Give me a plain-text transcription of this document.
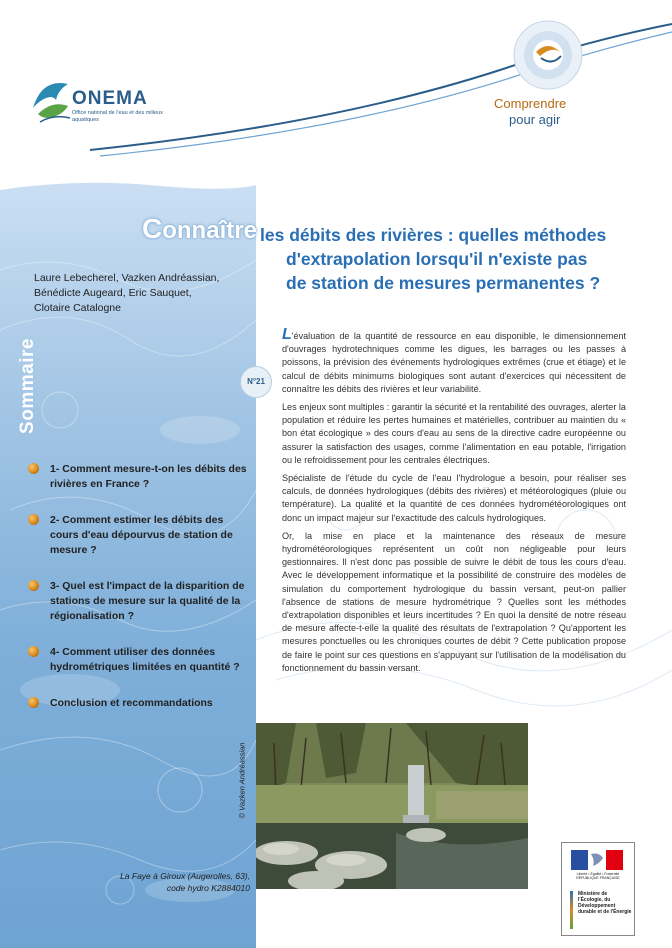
ONEMA
Office national de l'eau et des milieux aquatiques
Comprendre
pour agir
Laure Lebecherel, Vazken Andréassian,
Bénédicte Augeard, Eric Sauquet,
Clotaire Catalogne
Sommaire	N°21
1- Comment mesure-t-on les débits des rivières en France ?
2- Comment estimer les débits des cours d'eau dépourvus de station de mesure ?
3- Quel est l'impact de la disparition de stations de mesure sur la qualité de la régionalisation ?
4- Comment utiliser des données hydrométriques limitées en quantité ?
Conclusion et recommandations
© Vazken Andréassian
La Faye à Giroux (Augerolles, 63),
code hydro K2884010
Connaître les débits des rivières : quelles méthodes
d'extrapolation lorsqu'il n'existe pas
de station de mesures permanentes ?

L'évaluation de la quantité de ressource en eau disponible, le dimensionnement d'ouvrages hydrotechniques comme les digues, les barrages ou les passes à poissons, la prévision des événements hydrologiques extrêmes (crue et étiage) et le calcul de débits minimums biologiques sont autant d'exercices qui nécessitent de connaître les débits des rivières et leur variabilité.

Les enjeux sont multiples : garantir la sécurité et la rentabilité des ouvrages, alerter la population et réduire les pertes humaines et matérielles, contribuer au maintien du « bon état écologique » des cours d'eau au sens de la directive cadre européenne ou assurer la satisfaction des usages, comme l'alimentation en eau potable, l'irrigation ou le refroidissement pour les centrales électriques.

Spécialiste de l'étude du cycle de l'eau l'hydrologue a besoin, pour réaliser ses calculs, de données hydrologiques (débits des rivières) et météorologiques (pluie ou température). La qualité et la quantité de ces données hydrométéorologiques ont donc un impact majeur sur l'exactitude des calculs hydrologiques.

Or, la mise en place et la maintenance des réseaux de mesure hydrométéorologiques représentent un coût non négligeable pour leurs gestionnaires. Il n'est donc pas possible de suivre le débit de tous les cours d'eau. Avec le développement informatique et la possibilité de construire des modèles de simulation du comportement hydrologique du bassin versant, peut-on pallier l'absence de stations de mesure hydrométrique ? Quelles sont les méthodes d'extrapolation disponibles et leurs incertitudes ? En quoi la densité de notre réseau de mesure affecte-t-elle la qualité des résultats de l'extrapolation ? Qu'apportent les mesures ponctuelles ou les chroniques courtes de débit ? Cette publication propose de faire le point sur ces questions en s'appuyant sur l'utilisation de la modélisation du fonctionnement du bassin versant.

Liberté • Égalité • Fraternité RÉPUBLIQUE FRANÇAISE
Ministère de l'Écologie, du Développement durable et de l'Énergie
